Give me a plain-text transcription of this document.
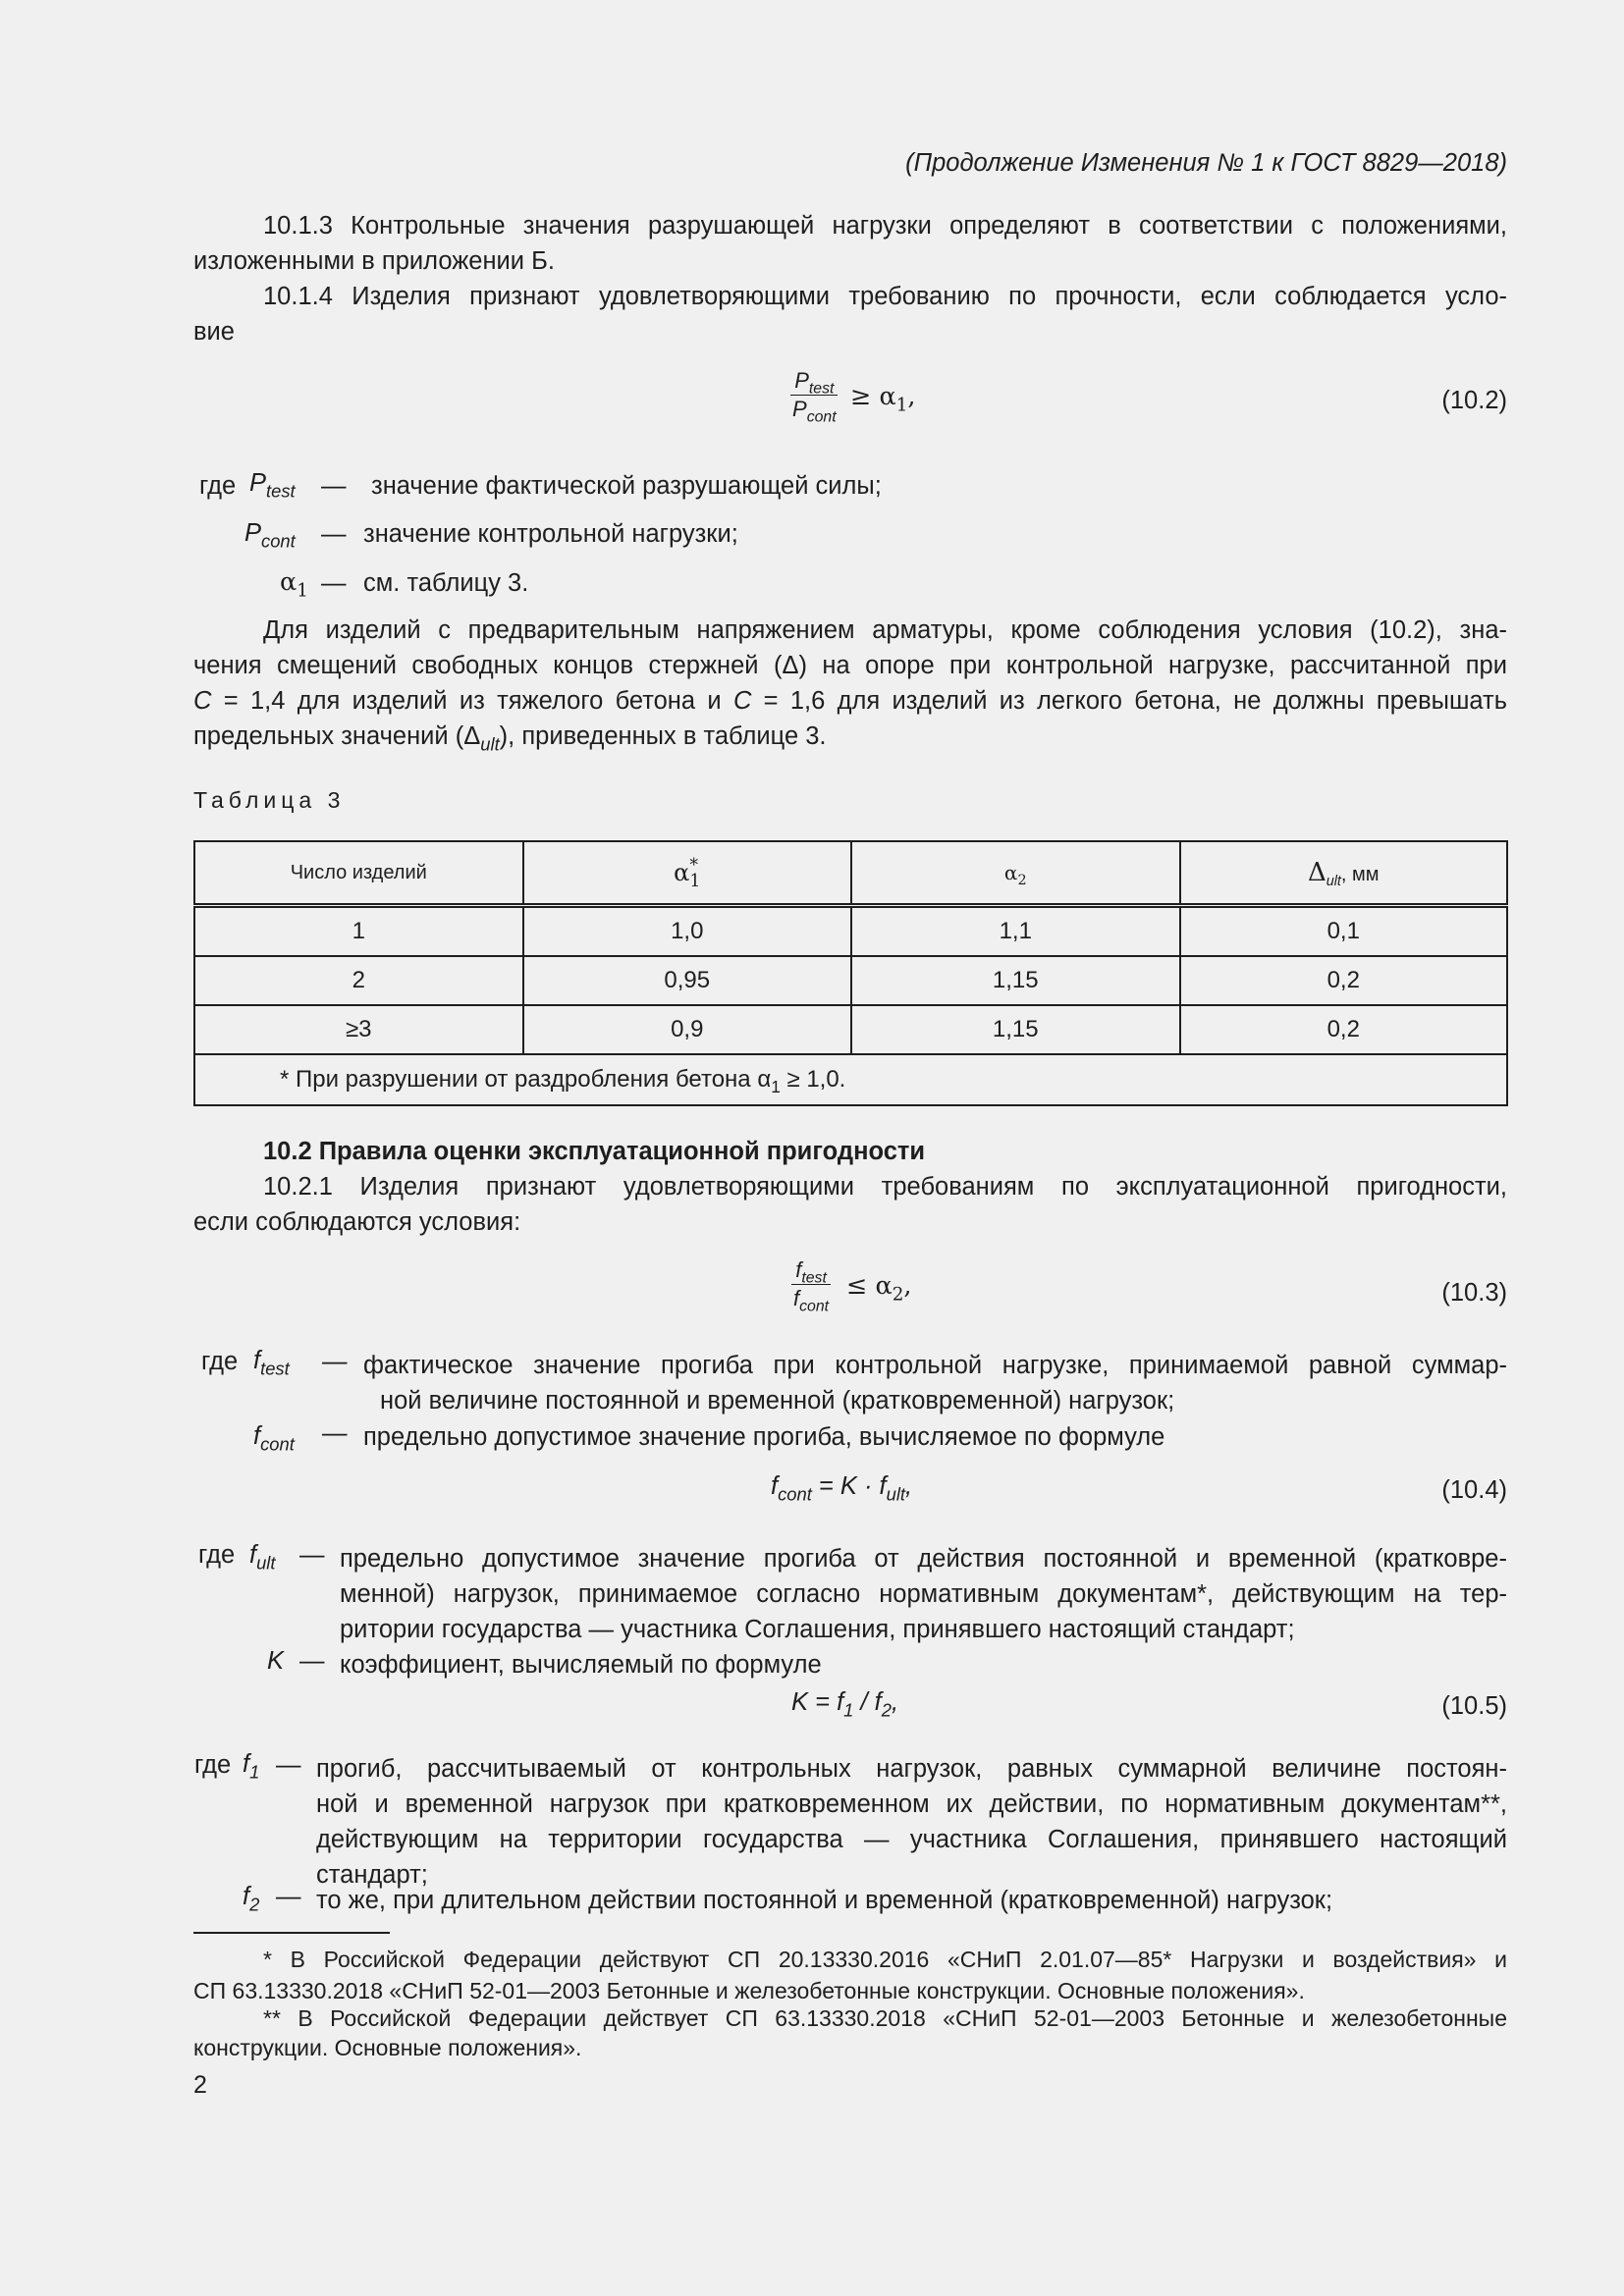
(Продолжение Изменения № 1 к ГОСТ 8829—2018)
10.1.3 Контрольные значения разрушающей нагрузки определяют в соответствии с положениями,
изложенными в приложении Б.
10.1.4 Изделия признают удовлетворяющими требованию по прочности, если соблюдается усло-
вие
$P_{test}$
$P_{cont}$
≥ $\alpha_1$,	(10.2)
где $P_{test}$ — значение фактической разрушающей силы;
$P_{cont}$ — значение контрольной нагрузки;
$\alpha_1$ — см. таблицу 3.
Для изделий с предварительным напряжением арматуры, кроме соблюдения условия (10.2), зна-
чения смещений свободных концов стержней (Δ) на опоре при контрольной нагрузке, рассчитанной при
C = 1,4 для изделий из тяжелого бетона и C = 1,6 для изделий из легкого бетона, не должны превышать
предельных значений $(\Delta_{ult})$, приведенных в таблице 3.
Таблица 3
Число изделий	$\alpha^*_1$	$\alpha_2$	$\Delta_{ult}$, мм
1	1,0	1,1	0,1
2	0,95	1,15	0,2
≥3	0,9	1,15	0,2
* При разрушении от раздробления бетона $\alpha_1 \ge 1,0$.			
10.2 Правила оценки эксплуатационной пригодности
10.2.1 Изделия признают удовлетворяющими требованиям по эксплуатационной пригодности,
если соблюдаются условия:
$f_{test}$
$f_{cont}$
≤ $\alpha_2$,	(10.3)
где $f_{test}$ — фактическое значение прогиба при контрольной нагрузке, принимаемой равной суммар-
ной величине постоянной и временной (кратковременной) нагрузок;
$f_{cont}$ — предельно допустимое значение прогиба, вычисляемое по формуле
$f_{cont} = K \cdot f_{ult}$,	(10.4)
где $f_{ult}$ — предельно допустимое значение прогиба от действия постоянной и временной (кратковре-
менной) нагрузок, принимаемое согласно нормативным документам*, действующим на тер-
ритории государства — участника Соглашения, принявшего настоящий стандарт;
K — коэффициент, вычисляемый по формуле
$K = f_1 / f_2$,	(10.5)
где $f_1$ — прогиб, рассчитываемый от контрольных нагрузок, равных суммарной величине постоян-
ной и временной нагрузок при кратковременном их действии, по нормативным документам**,
действующим на территории государства — участника Соглашения, принявшего настоящий
стандарт;
$f_2$ — то же, при длительном действии постоянной и временной (кратковременной) нагрузок;
* В Российской Федерации действуют СП 20.13330.2016 «СНиП 2.01.07—85* Нагрузки и воздействия» и
СП 63.13330.2018 «СНиП 52-01—2003 Бетонные и железобетонные конструкции. Основные положения».
** В Российской Федерации действует СП 63.13330.2018 «СНиП 52-01—2003 Бетонные и железобетонные
конструкции. Основные положения».
2
